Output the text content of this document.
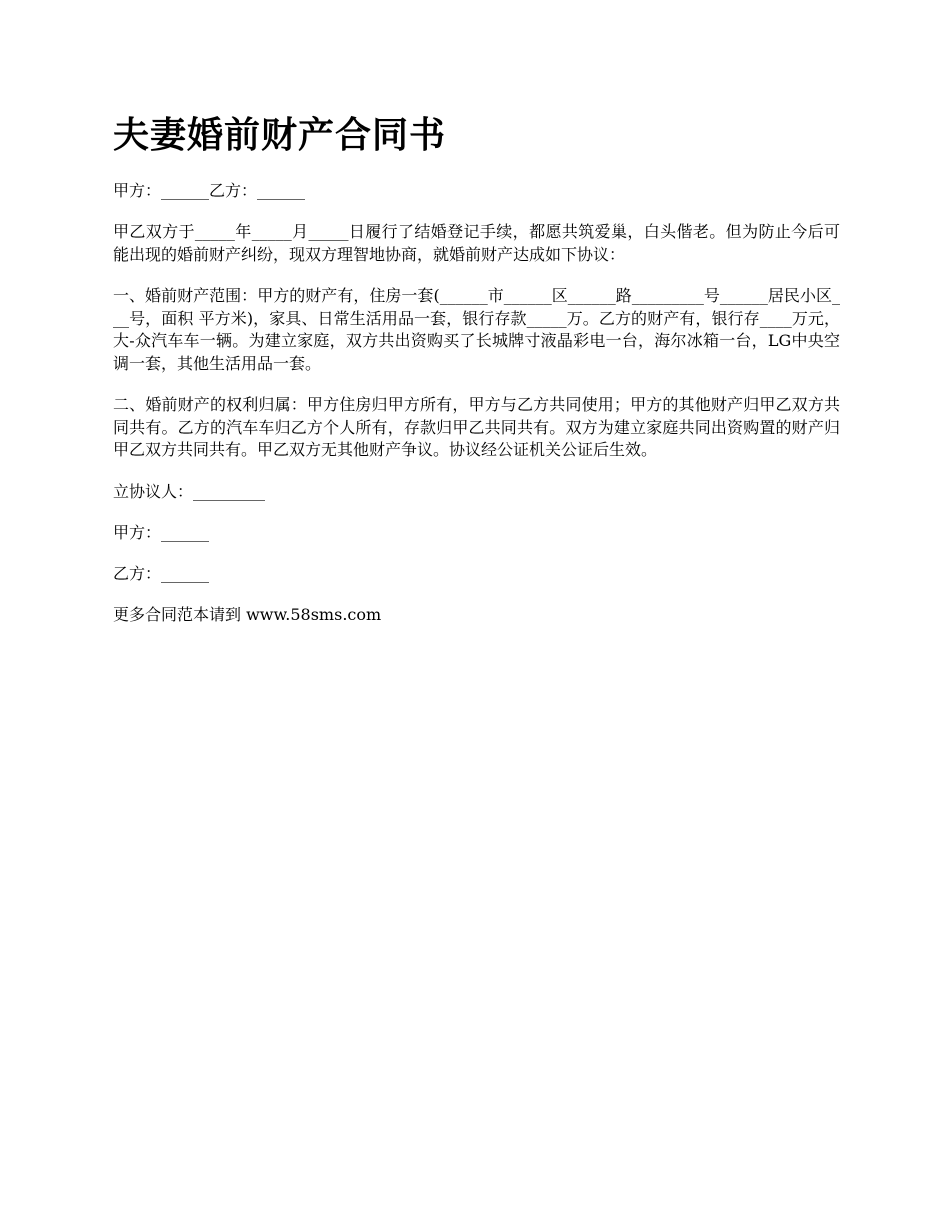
夫妻婚前财产合同书

甲方：______乙方：______

甲乙双方于_____年_____月_____日履行了结婚登记手续，都愿共筑爱巢，白头偕老。但为防止今后可能出现的婚前财产纠纷，现双方理智地协商，就婚前财产达成如下协议：

一、婚前财产范围：甲方的财产有，住房一套(______市______区______路_________号______居民小区___号，面积 平方米)，家具、日常生活用品一套，银行存款_____万。乙方的财产有，银行存____万元，大-众汽车车一辆。为建立家庭，双方共出资购买了长城牌寸液晶彩电一台，海尔冰箱一台，LG中央空调一套，其他生活用品一套。

二、婚前财产的权利归属：甲方住房归甲方所有，甲方与乙方共同使用；甲方的其他财产归甲乙双方共同共有。乙方的汽车车归乙方个人所有，存款归甲乙共同共有。双方为建立家庭共同出资购置的财产归甲乙双方共同共有。甲乙双方无其他财产争议。协议经公证机关公证后生效。

立协议人：_________

甲方：______

乙方：______

更多合同范本请到 www.58sms.com
